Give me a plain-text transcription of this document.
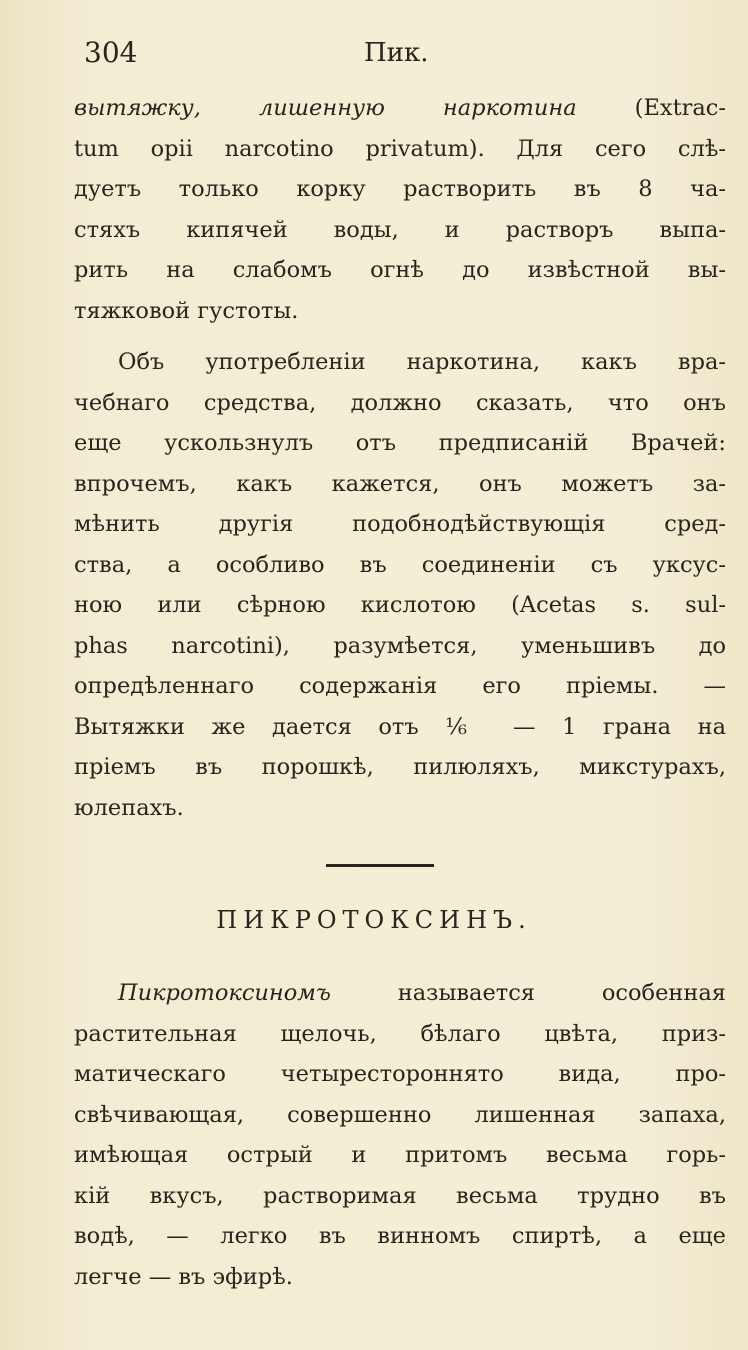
304	Пик.
вытяжку, лишенную наркотина (Extrac-
tum opii narcotino privatum). Для сего слѣ-
дуетъ только корку растворить въ 8 ча-
стяхъ кипячей воды, и растворъ выпа-
рить на слабомъ огнѣ до извѣстной вы-
тяжковой густоты.
Объ употребленіи наркотина, какъ вра-
чебнаго средства, должно сказать, что онъ
еще ускользнулъ отъ предписаній Врачей:
впрочемъ, какъ кажется, онъ можетъ за-
мѣнить другія подобнодѣйствующія сред-
ства, а особливо въ соединеніи съ уксус-
ною или сѣрною кислотою (Acetas s. sul-
phas narcotini), разумѣется, уменьшивъ до
опредѣленнаго содержанія его пріемы. —
Вытяжки же дается отъ ⅙ — 1 грана на
пріемъ въ порошкѣ, пилюляхъ, микстурахъ,
юлепахъ.
ПИКРОТОКСИНЪ.
Пикротоксиномъ называется особенная
растительная щелочь, бѣлаго цвѣта, приз-
матическаго четырестороннято вида, про-
свѣчивающая, совершенно лишенная запаха,
имѣющая острый и притомъ весьма горь-
кій вкусъ, растворимая весьма трудно въ
водѣ, — легко въ винномъ спиртѣ, а еще
легче — въ эфирѣ.
